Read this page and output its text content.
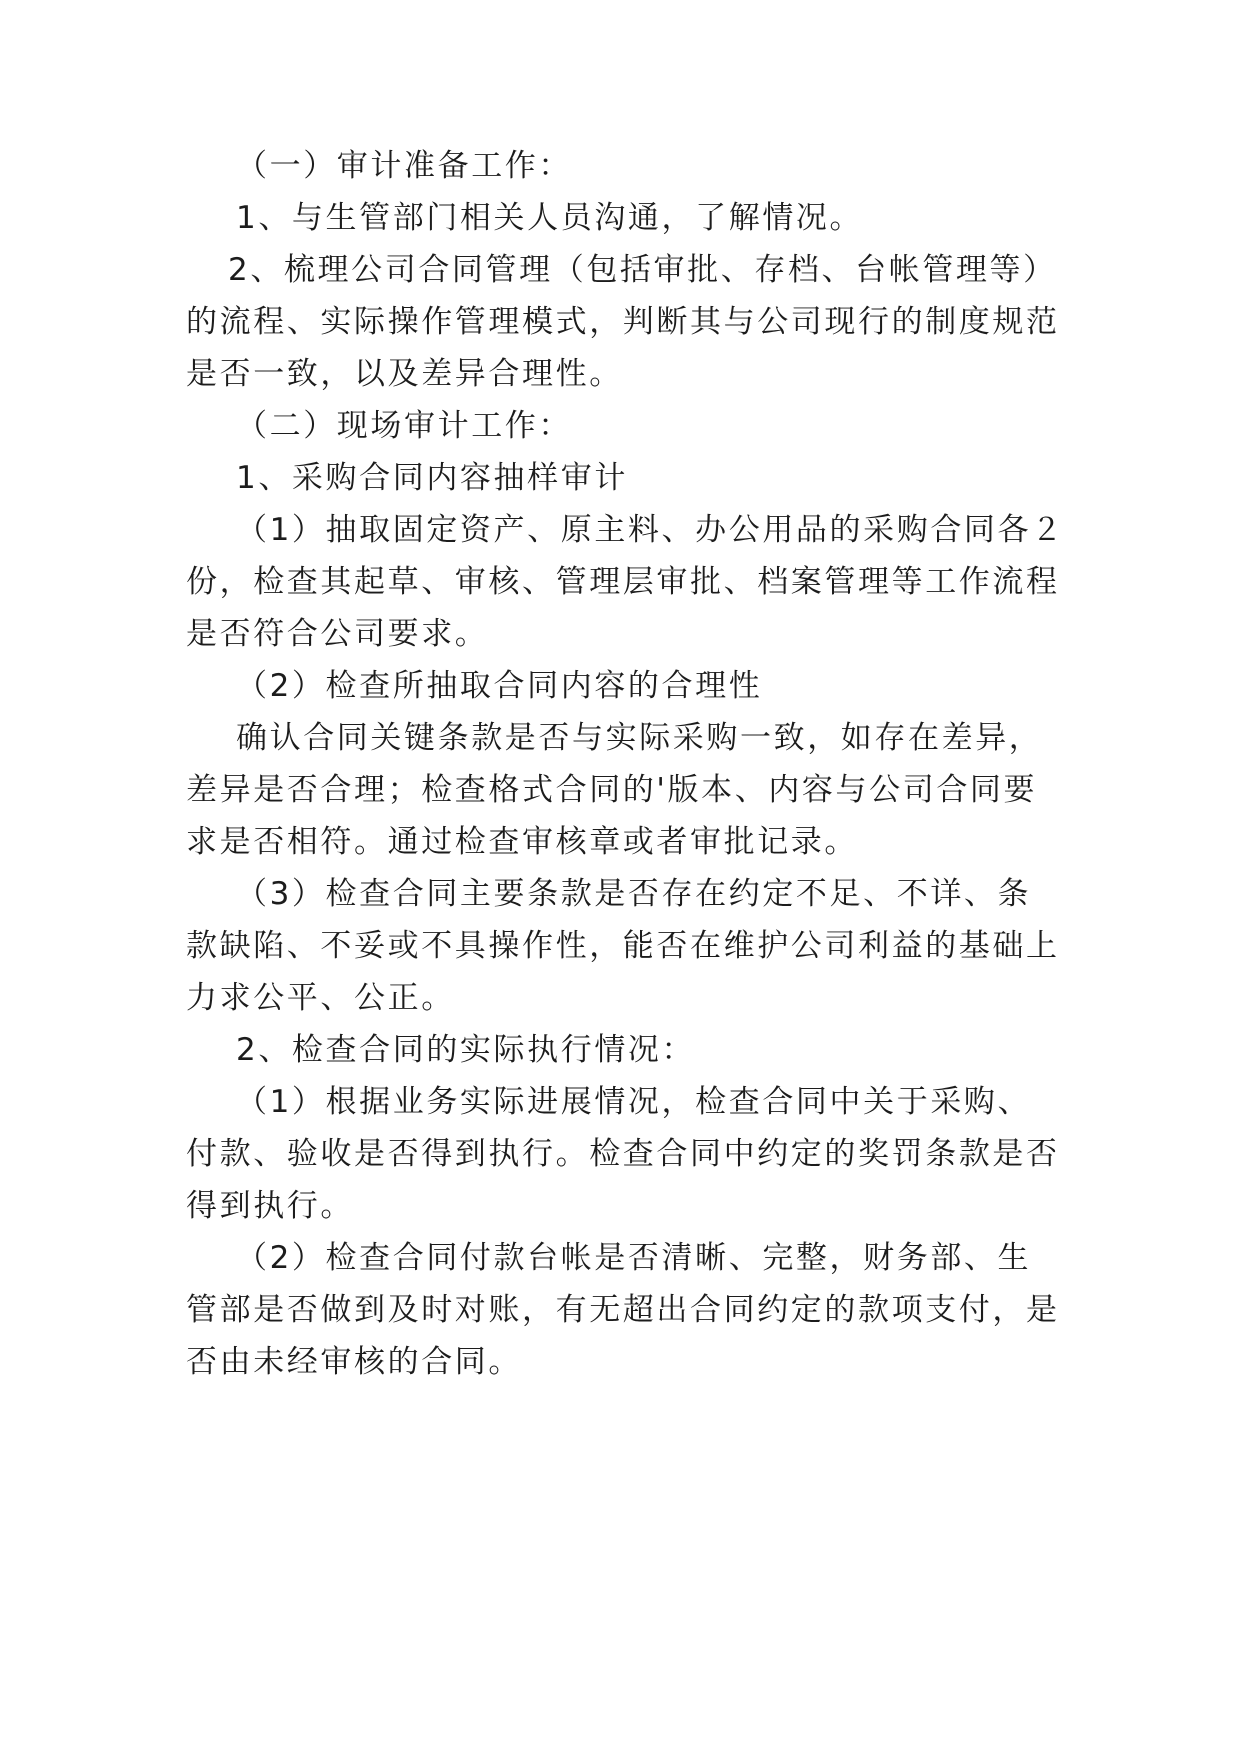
（一）审计准备工作：
1、与生管部门相关人员沟通，了解情况。
2、梳理公司合同管理（包括审批、存档、台帐管理等）
的流程、实际操作管理模式，判断其与公司现行的制度规范
是否一致，以及差异合理性。
（二）现场审计工作：
1、采购合同内容抽样审计
（1）抽取固定资产、原主料、办公用品的采购合同各２
份，检查其起草、审核、管理层审批、档案管理等工作流程
是否符合公司要求。
（2）检查所抽取合同内容的合理性
确认合同关键条款是否与实际采购一致，如存在差异，
差异是否合理；检查格式合同的'版本、内容与公司合同要
求是否相符。通过检查审核章或者审批记录。
（3）检查合同主要条款是否存在约定不足、不详、条
款缺陷、不妥或不具操作性，能否在维护公司利益的基础上
力求公平、公正。
2、检查合同的实际执行情况：
（1）根据业务实际进展情况，检查合同中关于采购、
付款、验收是否得到执行。检查合同中约定的奖罚条款是否
得到执行。
（2）检查合同付款台帐是否清晰、完整，财务部、生
管部是否做到及时对账，有无超出合同约定的款项支付，是
否由未经审核的合同。
